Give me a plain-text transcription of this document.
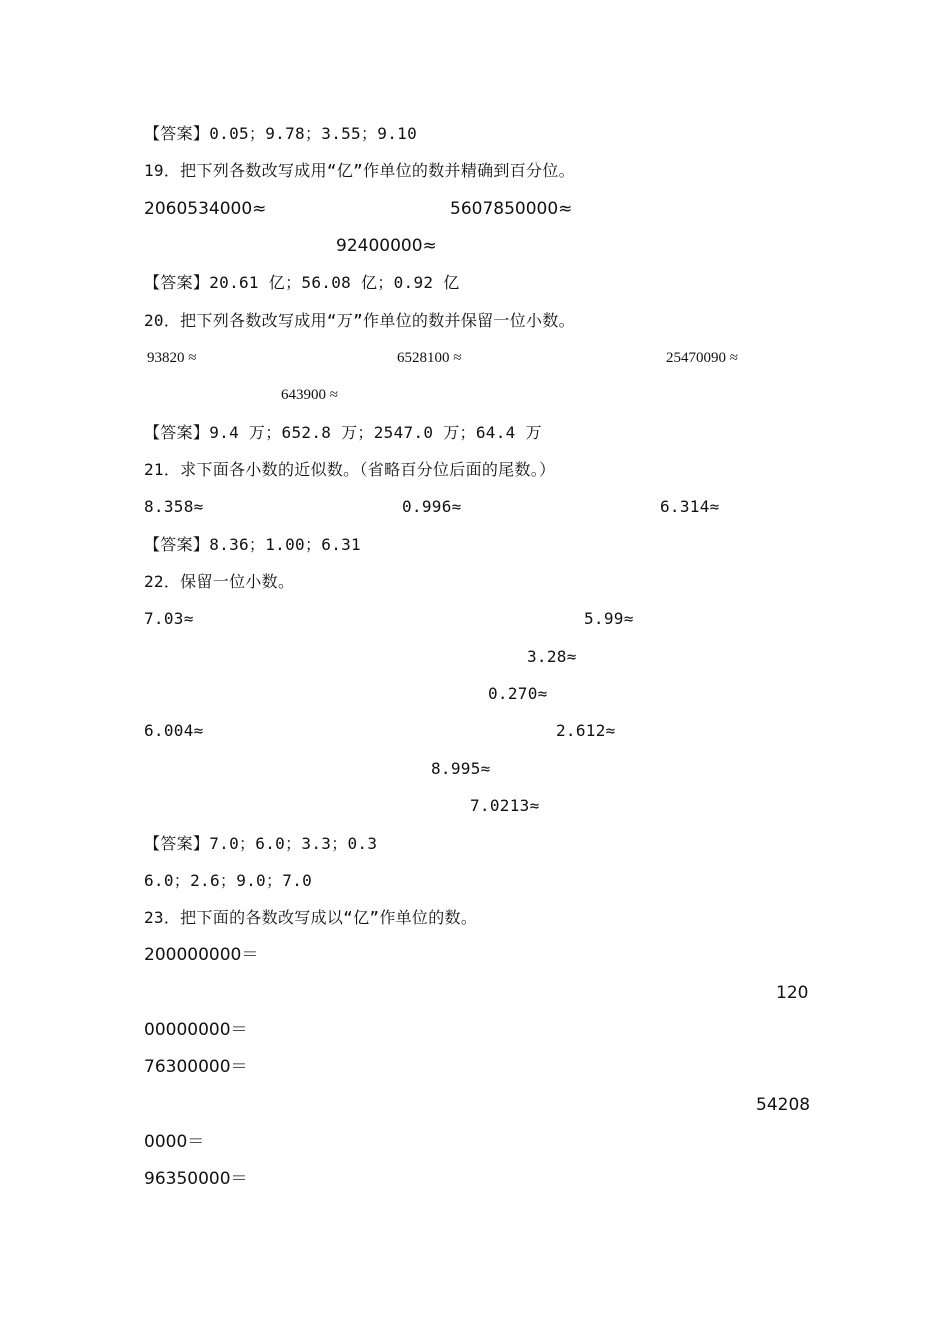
【答案】0.05；9.78；3.55；9.10
19．把下列各数改写成用“亿”作单位的数并精确到百分位。
2060534000≈	5607850000≈
92400000≈
【答案】20.61 亿；56.08 亿；0.92 亿
20．把下列各数改写成用“万”作单位的数并保留一位小数。
93820 ≈	6528100 ≈	25470090 ≈
643900 ≈
【答案】9.4 万；652.8 万；2547.0 万；64.4 万
21．求下面各小数的近似数。（省略百分位后面的尾数。）
8.358≈	0.996≈	6.314≈
【答案】8.36；1.00；6.31
22．保留一位小数。
7.03≈	5.99≈
3.28≈
0.270≈
6.004≈	2.612≈
8.995≈
7.0213≈
【答案】7.0；6.0；3.3；0.3
6.0；2.6；9.0；7.0
23．把下面的各数改写成以“亿”作单位的数。
200000000＝
120
00000000＝
76300000＝
54208
0000＝
96350000＝
